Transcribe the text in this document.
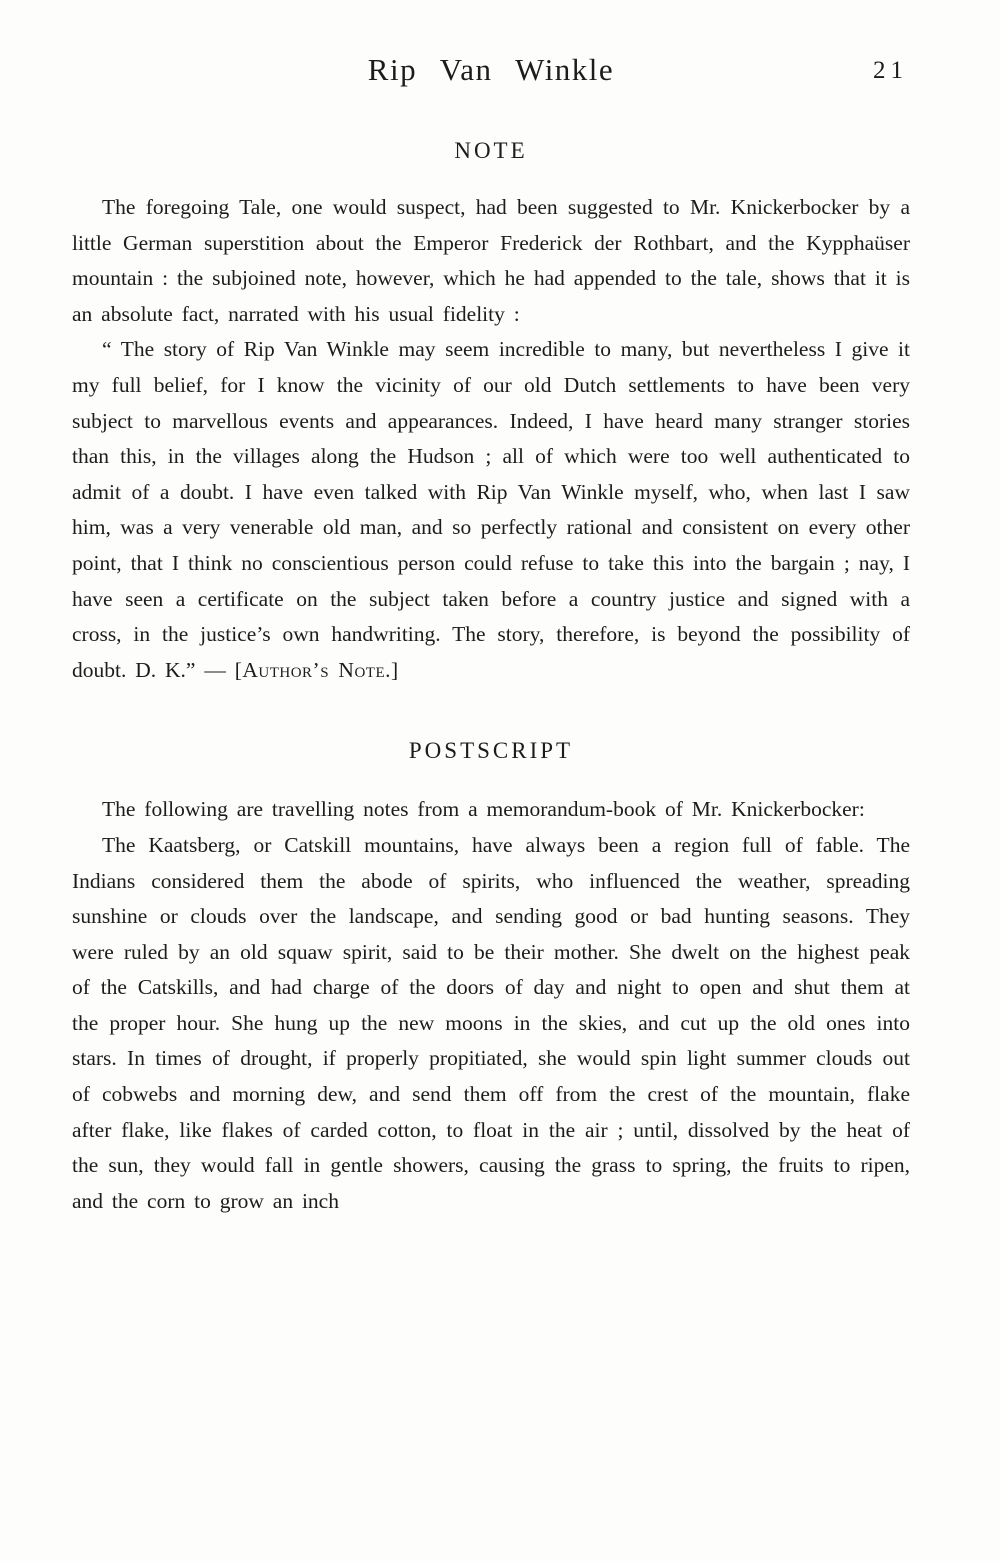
Rip Van Winkle	21
NOTE

The foregoing Tale, one would suspect, had been suggested to Mr. Knickerbocker by a little German superstition about the Emperor Frederick der Rothbart, and the Kypphaüser mountain : the subjoined note, however, which he had appended to the tale, shows that it is an absolute fact, narrated with his usual fidelity :

“ The story of Rip Van Winkle may seem incredible to many, but nevertheless I give it my full belief, for I know the vicinity of our old Dutch settlements to have been very subject to marvellous events and appearances. Indeed, I have heard many stranger stories than this, in the villages along the Hudson ; all of which were too well authenticated to admit of a doubt. I have even talked with Rip Van Winkle myself, who, when last I saw him, was a very venerable old man, and so perfectly rational and consistent on every other point, that I think no conscientious person could refuse to take this into the bargain ; nay, I have seen a certificate on the subject taken before a country justice and signed with a cross, in the justice’s own handwriting. The story, therefore, is beyond the possibility of doubt. D. K.” — [Author’s Note.]

POSTSCRIPT

The following are travelling notes from a memorandum-book of Mr. Knickerbocker:

The Kaatsberg, or Catskill mountains, have always been a region full of fable. The Indians considered them the abode of spirits, who influenced the weather, spreading sunshine or clouds over the landscape, and sending good or bad hunting seasons. They were ruled by an old squaw spirit, said to be their mother. She dwelt on the highest peak of the Catskills, and had charge of the doors of day and night to open and shut them at the proper hour. She hung up the new moons in the skies, and cut up the old ones into stars. In times of drought, if properly propitiated, she would spin light summer clouds out of cobwebs and morning dew, and send them off from the crest of the mountain, flake after flake, like flakes of carded cotton, to float in the air ; until, dissolved by the heat of the sun, they would fall in gentle showers, causing the grass to spring, the fruits to ripen, and the corn to grow an inch
